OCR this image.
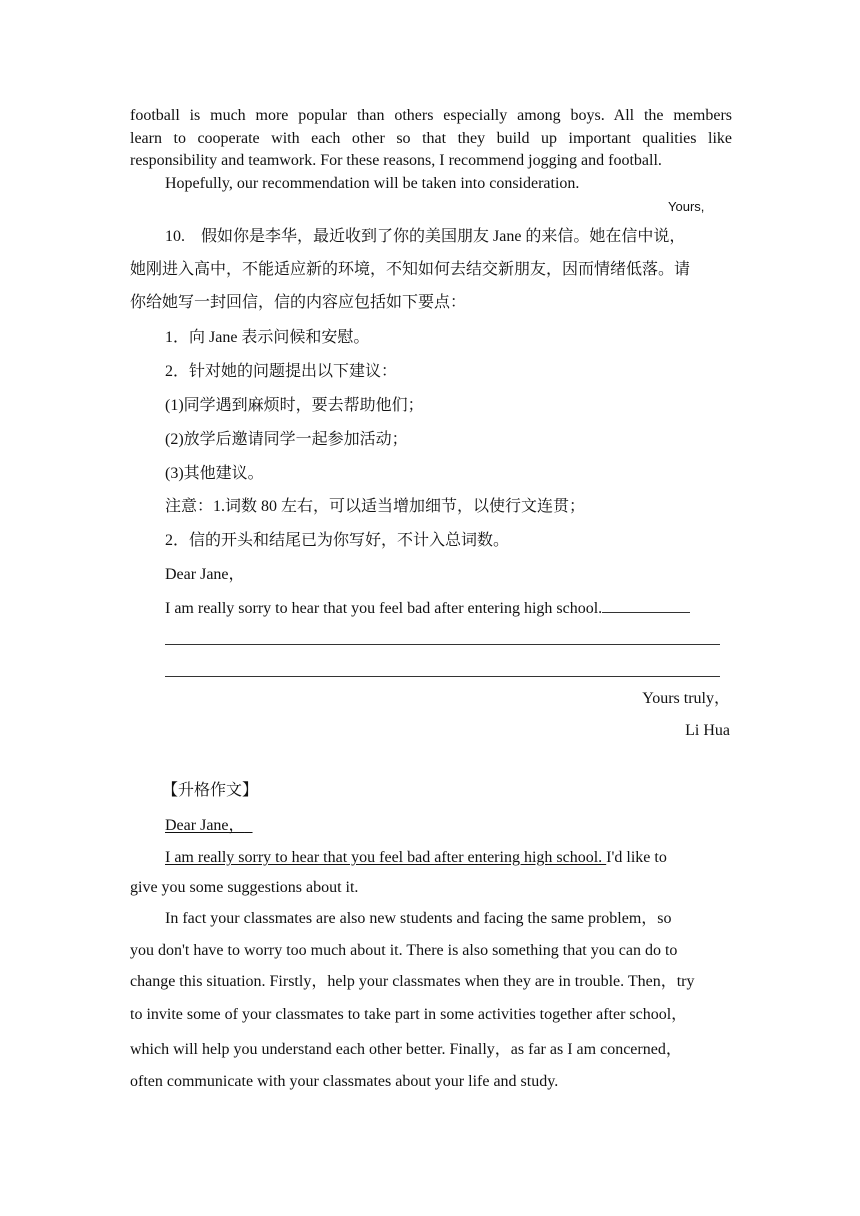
football is much more popular than others especially among boys. All the members
learn to cooperate with each other so that they build up important qualities like
responsibility and teamwork. For these reasons, I recommend jogging and football.
Hopefully, our recommendation will be taken into consideration.
Yours,
10.　假如你是李华，最近收到了你的美国朋友 Jane 的来信。她在信中说，
她刚进入高中，不能适应新的环境，不知如何去结交新朋友，因而情绪低落。请
你给她写一封回信，信的内容应包括如下要点：
1．向 Jane 表示问候和安慰。
2．针对她的问题提出以下建议：
(1)同学遇到麻烦时，要去帮助他们；
(2)放学后邀请同学一起参加活动；
(3)其他建议。
注意：1.词数 80 左右，可以适当增加细节，以使行文连贯；
2．信的开头和结尾已为你写好，不计入总词数。
Dear Jane，
I am really sorry to hear that you feel bad after entering high school.
Yours truly，
Li Hua
【升格作文】
Dear Jane，
I am really sorry to hear that you feel bad after entering high school. I'd like to
give you some suggestions about it.
In fact your classmates are also new students and facing the same problem，so
you don't have to worry too much about it. There is also something that you can do to
change this situation. Firstly，help your classmates when they are in trouble. Then，try
to invite some of your classmates to take part in some activities together after school，
which will help you understand each other better. Finally，as far as I am concerned，
often communicate with your classmates about your life and study.
